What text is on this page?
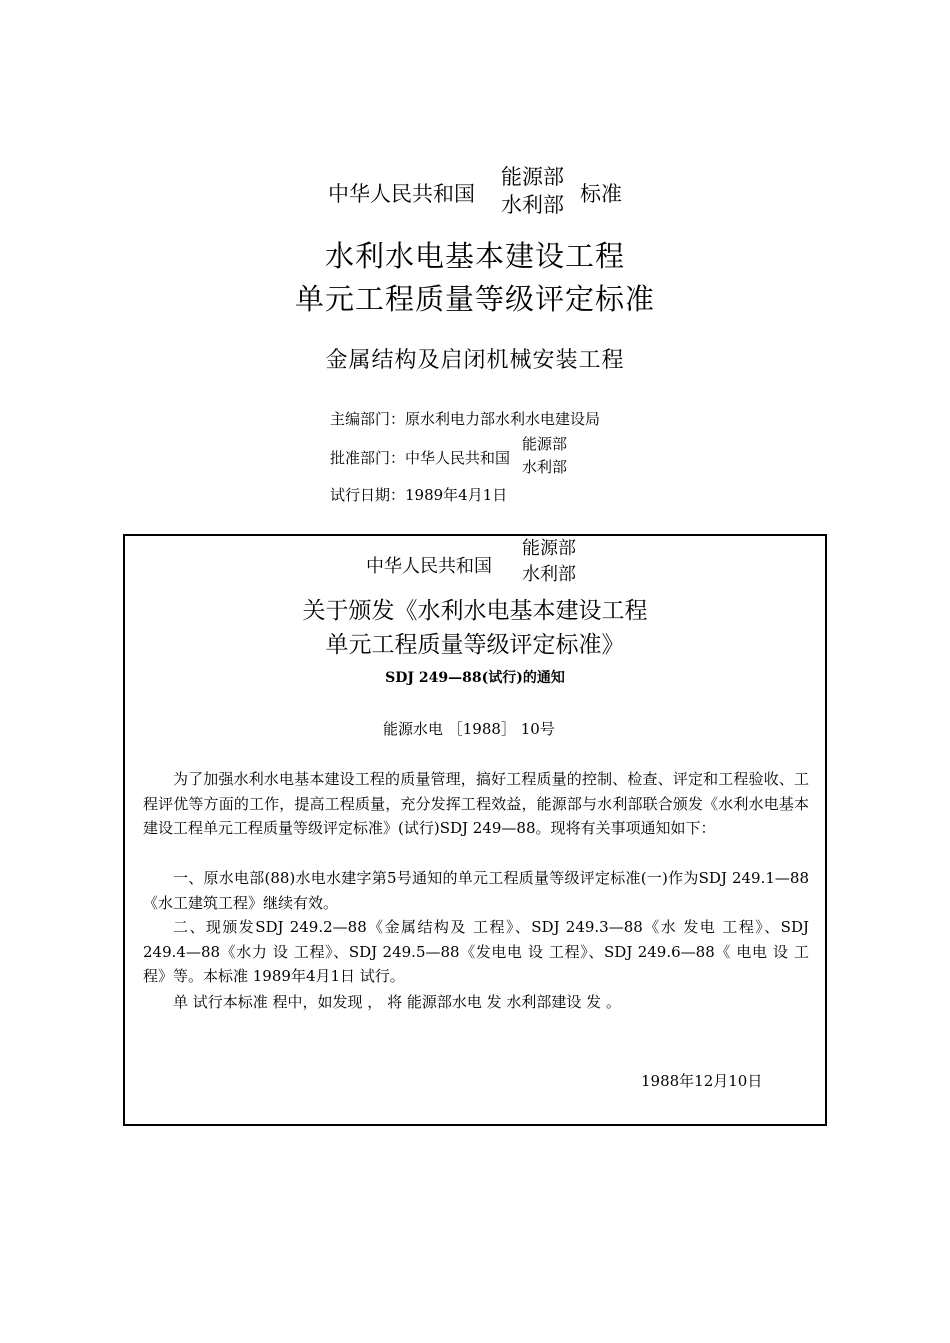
中华人民共和国
能源部
水利部 标准
水利水电基本建设工程
单元工程质量等级评定标准
金属结构及启闭机械安装工程
主编部门：原水利电力部水利水电建设局
批准部门：中华人民共和国
能源部
水利部
试行日期：1989年4月1日
中华人民共和国
能源部
水利部
关于颁发《水利水电基本建设工程
单元工程质量等级评定标准》
SDJ 249—88(试行)的通知
能源水电 ［1988］ 10号
为了加强水利水电基本建设工程的质量管理，搞好工程质量的控制、检查、评定和工程验收、工程评优等方面的工作，提高工程质量，充分发挥工程效益，能源部与水利部联合颁发《水利水电基本建设工程单元工程质量等级评定标准》(试行)SDJ 249—88。现将有关事项通知如下：
一、原水电部(88)水电水建字第5号通知的单元工程质量等级评定标准(一)作为SDJ 249.1—88《水工建筑工程》继续有效。
二、现颁发SDJ 249.2—88《金属结构及 工程》、SDJ 249.3—88《水 发电 工程》、SDJ 249.4—88《水力 设 工程》、SDJ 249.5—88《发电电 设 工程》、SDJ 249.6—88《 电电 设 工程》等。本标准 1989年4月1日 试行。
单 试行本标准 程中，如发现 ， 将 能源部水电 发 水利部建设 发 。
1988年12月10日
